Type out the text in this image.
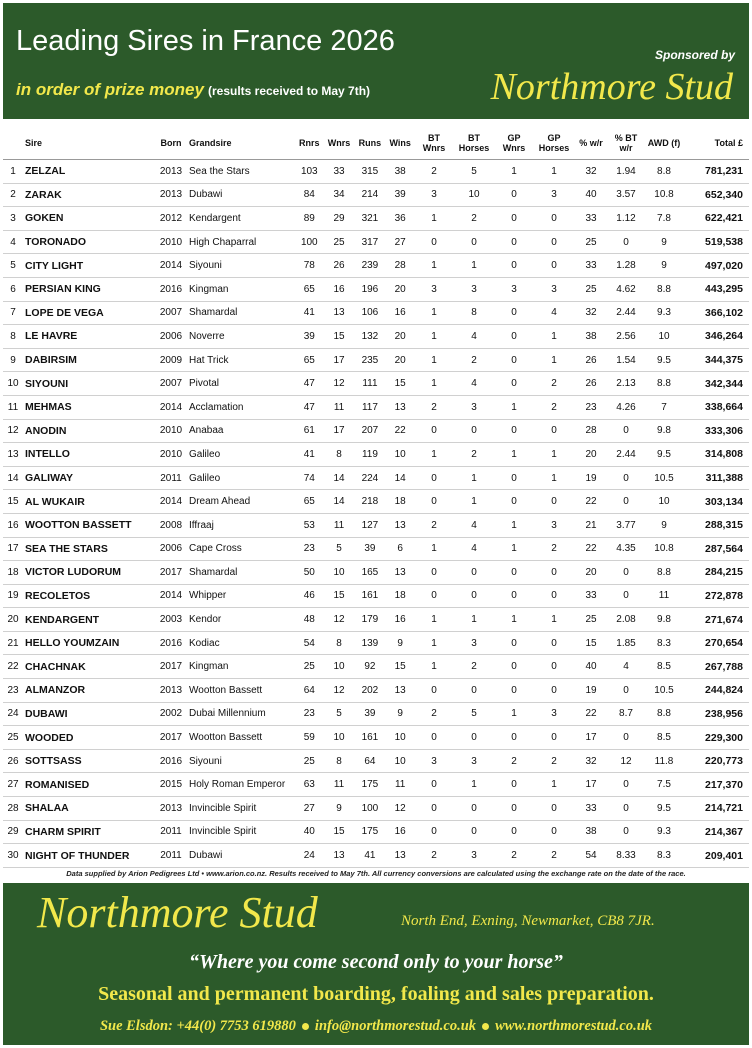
Leading Sires in France 2026
in order of prize money (results received to May 7th)
Sponsored by
Northmore Stud
	Sire	Born	Grandsire	Rnrs	Wnrs	Runs	Wins	BT Wnrs	BT Horses	GP Wnrs	GP Horses	% w/r	% BT w/r	AWD (f)	Total £
1	ZELZAL	2013	Sea the Stars	103	33	315	38	2	5	1	1	32	1.94	8.8	781,231
2	ZARAK	2013	Dubawi	84	34	214	39	3	10	0	3	40	3.57	10.8	652,340
3	GOKEN	2012	Kendargent	89	29	321	36	1	2	0	0	33	1.12	7.8	622,421
4	TORONADO	2010	High Chaparral	100	25	317	27	0	0	0	0	25	0	9	519,538
5	CITY LIGHT	2014	Siyouni	78	26	239	28	1	1	0	0	33	1.28	9	497,020
6	PERSIAN KING	2016	Kingman	65	16	196	20	3	3	3	3	25	4.62	8.8	443,295
7	LOPE DE VEGA	2007	Shamardal	41	13	106	16	1	8	0	4	32	2.44	9.3	366,102
8	LE HAVRE	2006	Noverre	39	15	132	20	1	4	0	1	38	2.56	10	346,264
9	DABIRSIM	2009	Hat Trick	65	17	235	20	1	2	0	1	26	1.54	9.5	344,375
10	SIYOUNI	2007	Pivotal	47	12	111	15	1	4	0	2	26	2.13	8.8	342,344
11	MEHMAS	2014	Acclamation	47	11	117	13	2	3	1	2	23	4.26	7	338,664
12	ANODIN	2010	Anabaa	61	17	207	22	0	0	0	0	28	0	9.8	333,306
13	INTELLO	2010	Galileo	41	8	119	10	1	2	1	1	20	2.44	9.5	314,808
14	GALIWAY	2011	Galileo	74	14	224	14	0	1	0	1	19	0	10.5	311,388
15	AL WUKAIR	2014	Dream Ahead	65	14	218	18	0	1	0	0	22	0	10	303,134
16	WOOTTON BASSETT	2008	Iffraaj	53	11	127	13	2	4	1	3	21	3.77	9	288,315
17	SEA THE STARS	2006	Cape Cross	23	5	39	6	1	4	1	2	22	4.35	10.8	287,564
18	VICTOR LUDORUM	2017	Shamardal	50	10	165	13	0	0	0	0	20	0	8.8	284,215
19	RECOLETOS	2014	Whipper	46	15	161	18	0	0	0	0	33	0	11	272,878
20	KENDARGENT	2003	Kendor	48	12	179	16	1	1	1	1	25	2.08	9.8	271,674
21	HELLO YOUMZAIN	2016	Kodiac	54	8	139	9	1	3	0	0	15	1.85	8.3	270,654
22	CHACHNAK	2017	Kingman	25	10	92	15	1	2	0	0	40	4	8.5	267,788
23	ALMANZOR	2013	Wootton Bassett	64	12	202	13	0	0	0	0	19	0	10.5	244,824
24	DUBAWI	2002	Dubai Millennium	23	5	39	9	2	5	1	3	22	8.7	8.8	238,956
25	WOODED	2017	Wootton Bassett	59	10	161	10	0	0	0	0	17	0	8.5	229,300
26	SOTTSASS	2016	Siyouni	25	8	64	10	3	3	2	2	32	12	11.8	220,773
27	ROMANISED	2015	Holy Roman Emperor	63	11	175	11	0	1	0	1	17	0	7.5	217,370
28	SHALAA	2013	Invincible Spirit	27	9	100	12	0	0	0	0	33	0	9.5	214,721
29	CHARM SPIRIT	2011	Invincible Spirit	40	15	175	16	0	0	0	0	38	0	9.3	214,367
30	NIGHT OF THUNDER	2011	Dubawi	24	13	41	13	2	3	2	2	54	8.33	8.3	209,401
Data supplied by Arion Pedigrees Ltd • www.arion.co.nz. Results received to May 7th. All currency conversions are calculated using the exchange rate on the date of the race.
Northmore Stud	North End, Exning, Newmarket, CB8 7JR.
“Where you come second only to your horse”
Seasonal and permanent boarding, foaling and sales preparation.
Sue Elsdon: +44(0) 7753 619880 info@northmorestud.co.uk www.northmorestud.co.uk
